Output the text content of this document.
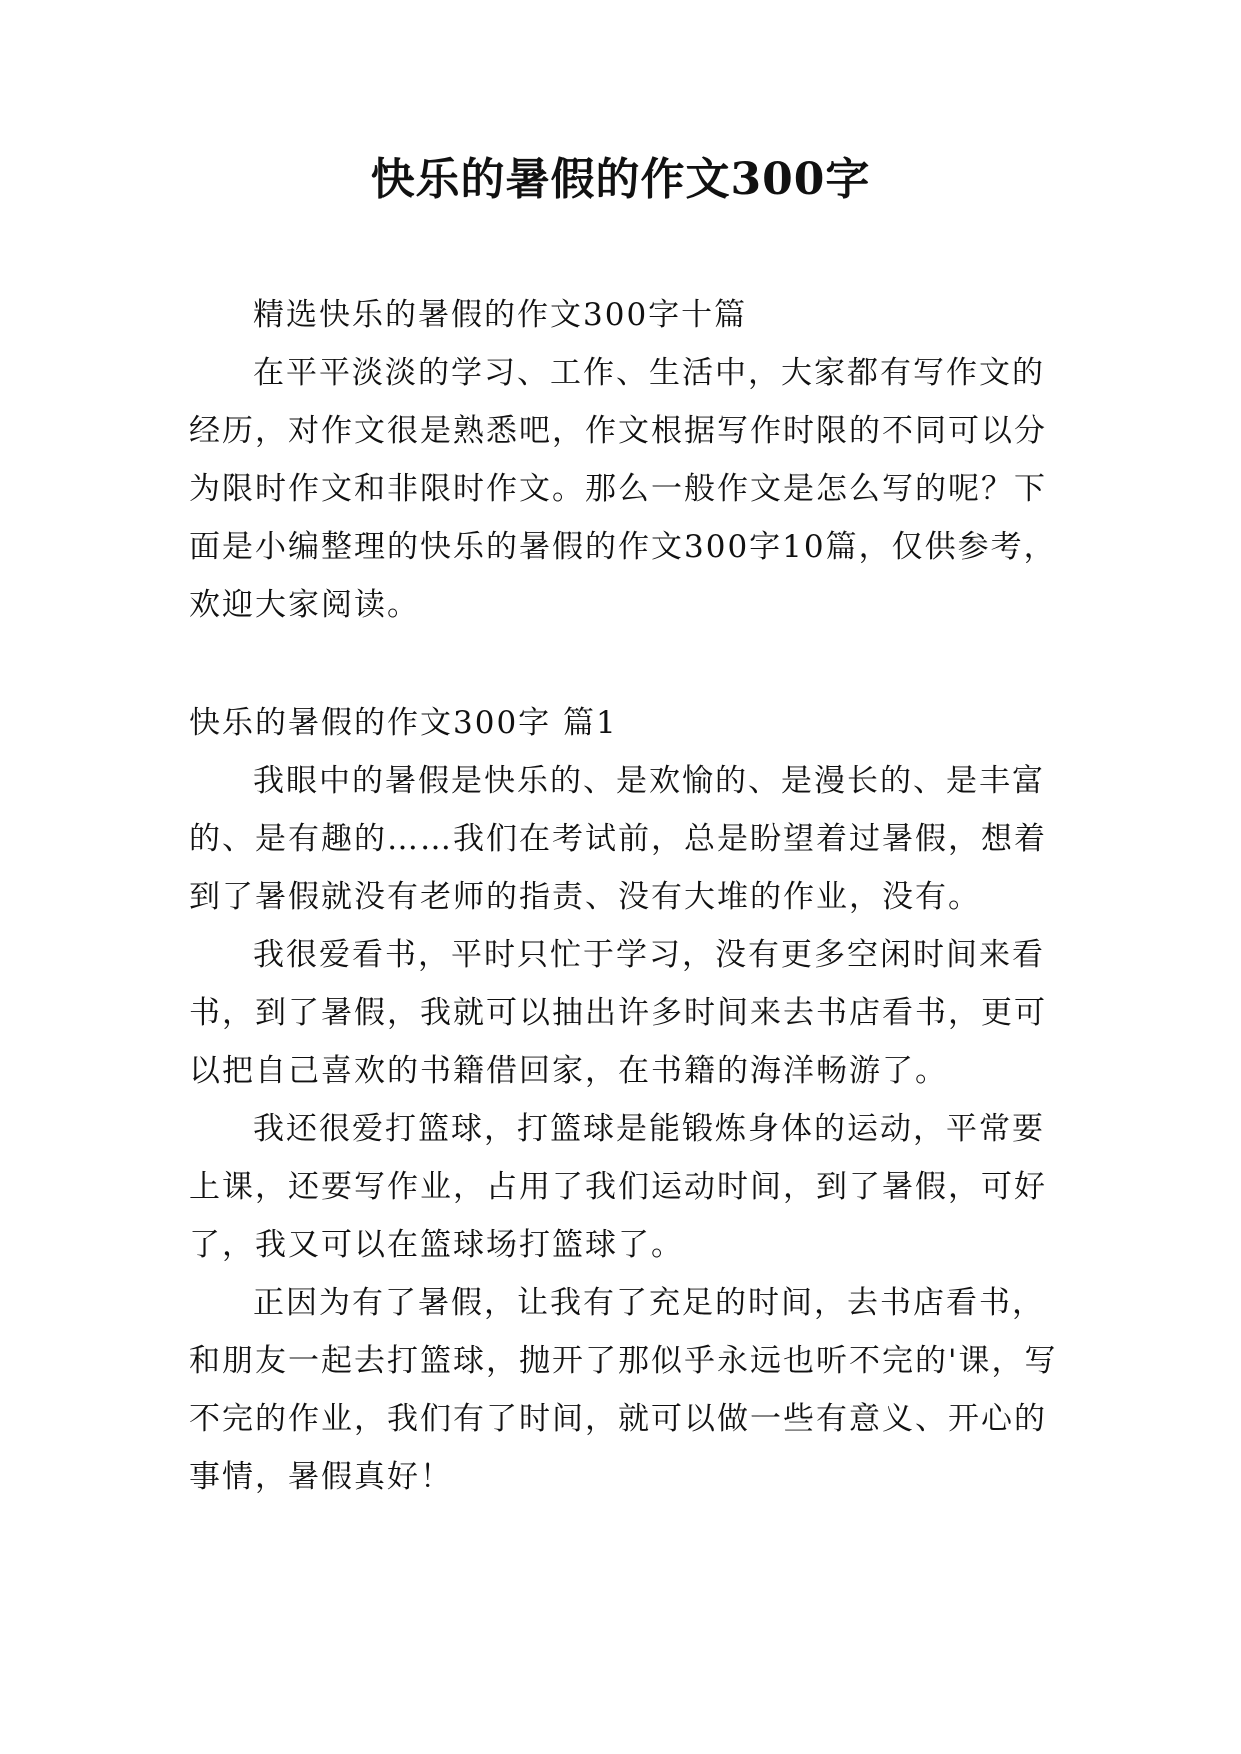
快乐的暑假的作文300字

精选快乐的暑假的作文300字十篇

在平平淡淡的学习、工作、生活中，大家都有写作文的经历，对作文很是熟悉吧，作文根据写作时限的不同可以分为限时作文和非限时作文。那么一般作文是怎么写的呢？下面是小编整理的快乐的暑假的作文300字10篇，仅供参考，欢迎大家阅读。

快乐的暑假的作文300字 篇1

我眼中的暑假是快乐的、是欢愉的、是漫长的、是丰富的、是有趣的……我们在考试前，总是盼望着过暑假，想着到了暑假就没有老师的指责、没有大堆的作业，没有。

我很爱看书，平时只忙于学习，没有更多空闲时间来看书，到了暑假，我就可以抽出许多时间来去书店看书，更可以把自己喜欢的书籍借回家，在书籍的海洋畅游了。

我还很爱打篮球，打篮球是能锻炼身体的运动，平常要上课，还要写作业，占用了我们运动时间，到了暑假，可好了，我又可以在篮球场打篮球了。

正因为有了暑假，让我有了充足的时间，去书店看书，和朋友一起去打篮球，抛开了那似乎永远也听不完的'课，写不完的作业，我们有了时间，就可以做一些有意义、开心的事情，暑假真好！
